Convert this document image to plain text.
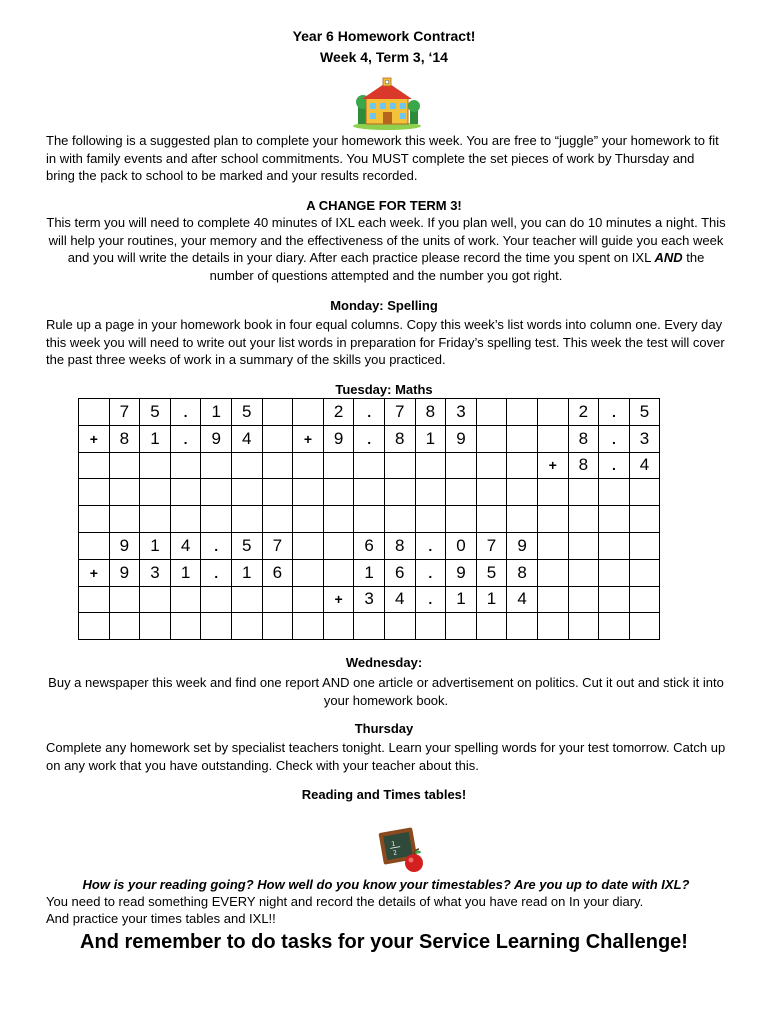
Year 6 Homework Contract!
Week 4, Term 3, ‘14
The following is a suggested plan to complete your homework this week. You are free to “juggle” your homework to fit in with family events and after school commitments. You MUST complete the set pieces of work by Thursday and bring the pack to school to be marked and your results recorded.
A CHANGE FOR TERM 3!
This term you will need to complete 40 minutes of IXL each week. If you plan well, you can do 10 minutes a night. This will help your routines, your memory and the effectiveness of the units of work. Your teacher will guide you each week and you will write the details in your diary. After each practice please record the time you spent on IXL AND the number of questions attempted and the number you got right.
Monday: Spelling
Rule up a page in your homework book in four equal columns. Copy this week’s list words into column one. Every day this week you will need to write out your list words in preparation for Friday’s spelling test. This week the test will cover the past three weeks of work in a summary of the skills you practiced.
Tuesday: Maths
	7	5	.	1	5			2	.	7	8	3				2	.	5
+	8	1	.	9	4		+	9	.	8	1	9				8	.	3
															+	8	.	4

	9	1	4	.	5	7			6	8	.	0	7	9				
+	9	3	1	.	1	6			1	6	.	9	5	8				
								+	3	4	.	1	1	4				

Wednesday:
Buy a newspaper this week and find one report AND one article or advertisement on politics. Cut it out and stick it into your homework book.
Thursday
Complete any homework set by specialist teachers tonight. Learn your spelling words for your test tomorrow. Catch up on any work that you have outstanding. Check with your teacher about this.
Reading and Times tables!
1
2
How is your reading going? How well do you know your timestables? Are you up to date with IXL?
You need to read something EVERY night and record the details of what you have read on In your diary.
And practice your times tables and IXL!!
And remember to do tasks for your Service Learning Challenge!
